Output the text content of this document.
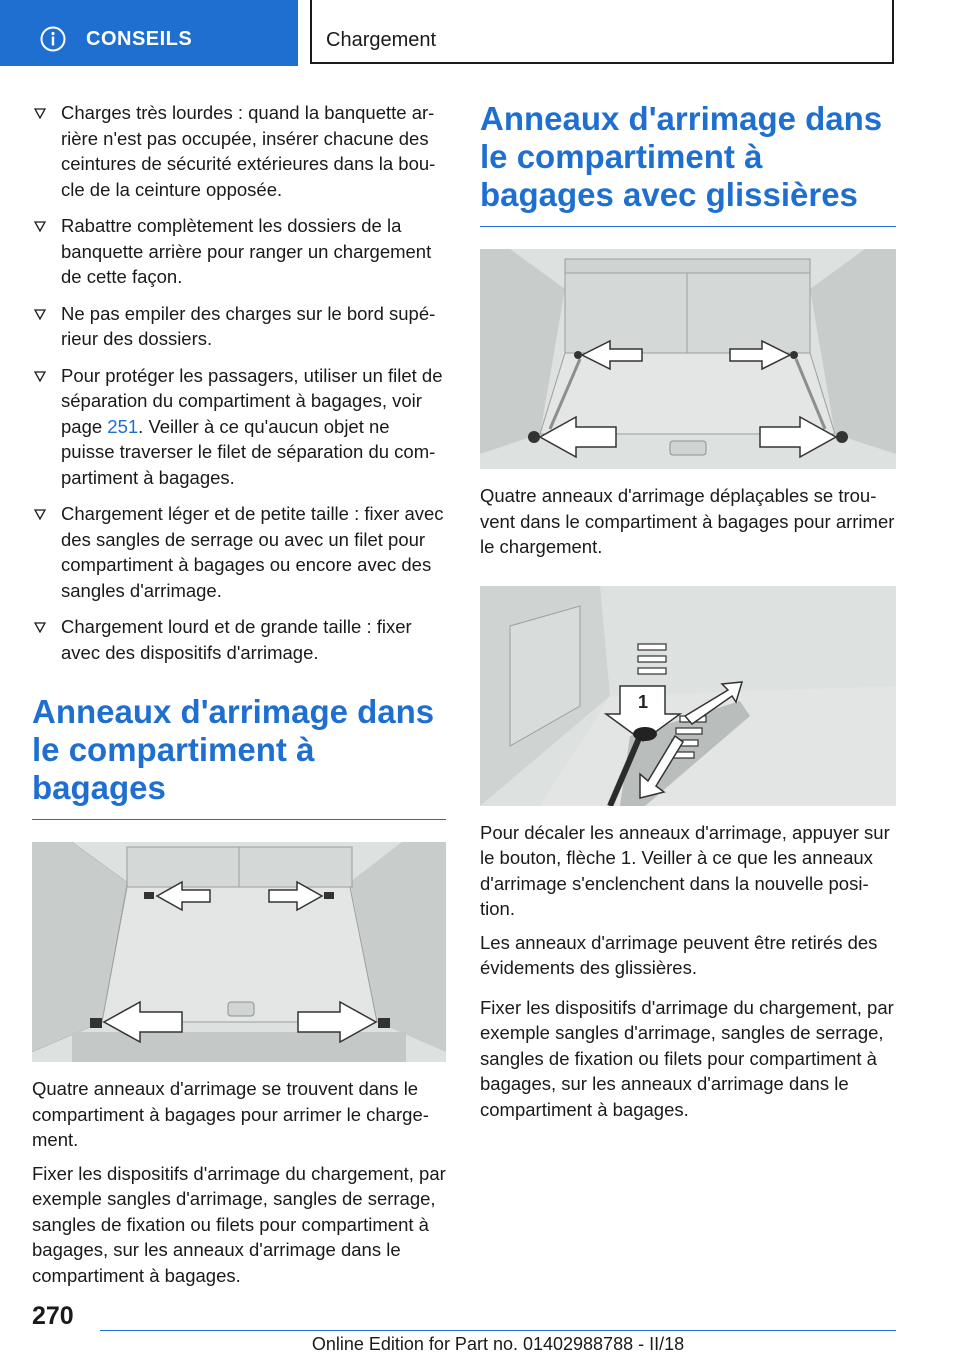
CONSEILS	Chargement
Charges très lourdes : quand la banquette arrière n'est pas occupée, insérer chacune des ceintures de sécurité extérieures dans la boucle de la ceinture opposée.
Rabattre complètement les dossiers de la banquette arrière pour ranger un chargement de cette façon.
Ne pas empiler des charges sur le bord supérieur des dossiers.
Pour protéger les passagers, utiliser un filet de séparation du compartiment à bagages, voir page 251. Veiller à ce qu'aucun objet ne puisse traverser le filet de séparation du compartiment à bagages.
Chargement léger et de petite taille : fixer avec des sangles de serrage ou avec un filet pour compartiment à bagages ou encore avec des sangles d'arrimage.
Chargement lourd et de grande taille : fixer avec des dispositifs d'arrimage.
Anneaux d'arrimage dans le compartiment à bagages

Quatre anneaux d'arrimage se trouvent dans le compartiment à bagages pour arrimer le chargement.

Fixer les dispositifs d'arrimage du chargement, par exemple sangles d'arrimage, sangles de serrage, sangles de fixation ou filets pour compartiment à bagages, sur les anneaux d'arrimage dans le compartiment à bagages.

Anneaux d'arrimage dans le compartiment à bagages avec glissières

Quatre anneaux d'arrimage déplaçables se trouvent dans le compartiment à bagages pour arrimer le chargement.

1

Pour décaler les anneaux d'arrimage, appuyer sur le bouton, flèche 1. Veiller à ce que les anneaux d'arrimage s'enclenchent dans la nouvelle position.

Les anneaux d'arrimage peuvent être retirés des évidements des glissières.

Fixer les dispositifs d'arrimage du chargement, par exemple sangles d'arrimage, sangles de serrage, sangles de fixation ou filets pour compartiment à bagages, sur les anneaux d'arrimage dans le compartiment à bagages.

270
Online Edition for Part no. 01402988788 - II/18
